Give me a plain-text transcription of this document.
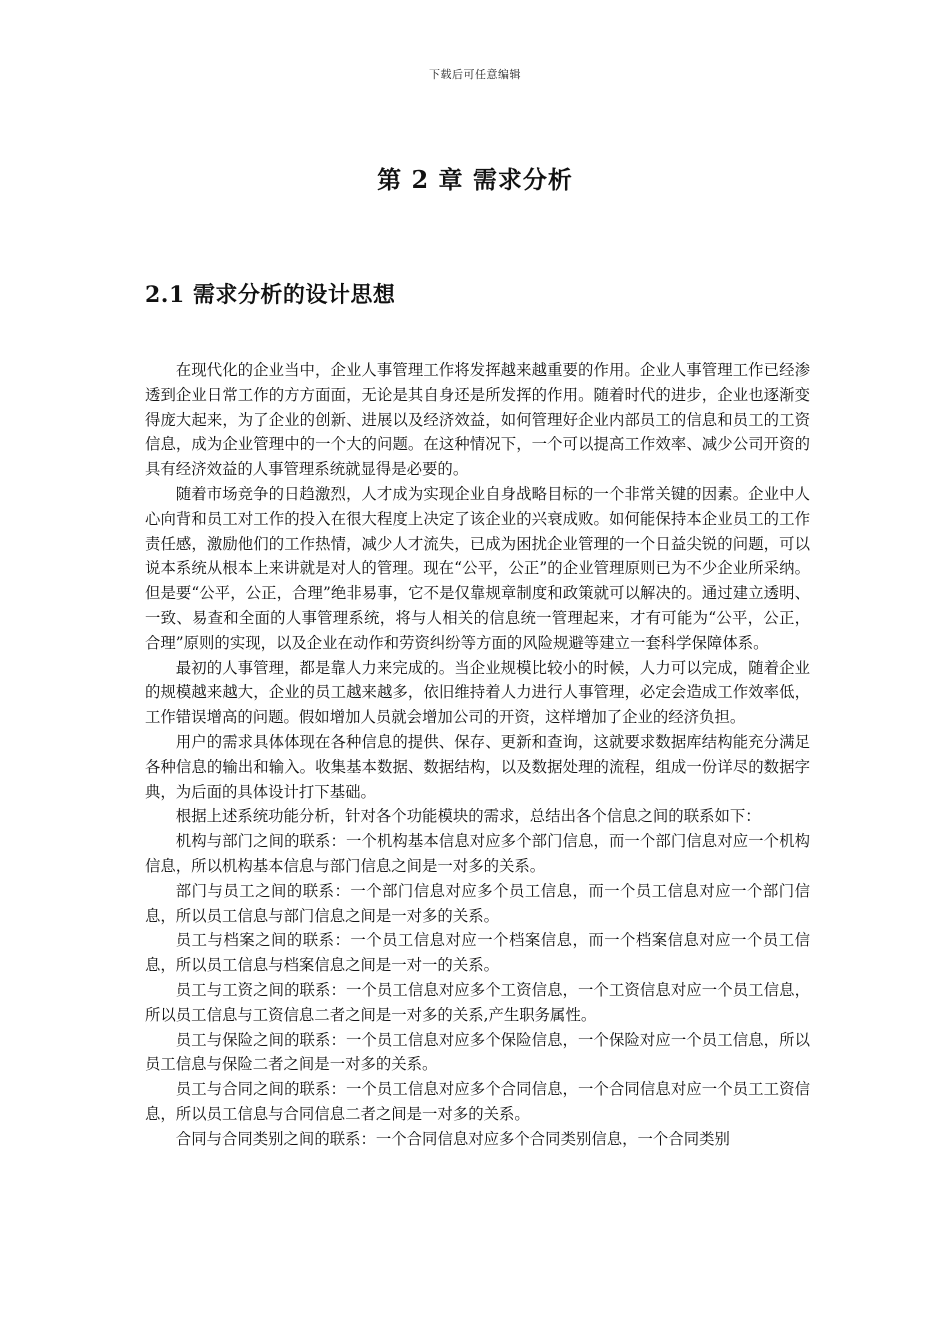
下载后可任意编辑
第 2 章 需求分析
2.1 需求分析的设计思想

在现代化的企业当中，企业人事管理工作将发挥越来越重要的作用。企业人事管理工作已经渗透到企业日常工作的方方面面，无论是其自身还是所发挥的作用。随着时代的进步，企业也逐渐变得庞大起来，为了企业的创新、进展以及经济效益，如何管理好企业内部员工的信息和员工的工资信息，成为企业管理中的一个大的问题。在这种情况下，一个可以提高工作效率、减少公司开资的具有经济效益的人事管理系统就显得是必要的。

随着市场竞争的日趋激烈，人才成为实现企业自身战略目标的一个非常关键的因素。企业中人心向背和员工对工作的投入在很大程度上决定了该企业的兴衰成败。如何能保持本企业员工的工作责任感，激励他们的工作热情，减少人才流失，已成为困扰企业管理的一个日益尖锐的问题，可以说本系统从根本上来讲就是对人的管理。现在“公平，公正”的企业管理原则已为不少企业所采纳。但是要“公平，公正，合理”绝非易事，它不是仅靠规章制度和政策就可以解决的。通过建立透明、一致、易查和全面的人事管理系统，将与人相关的信息统一管理起来，才有可能为“公平，公正，合理”原则的实现，以及企业在动作和劳资纠纷等方面的风险规避等建立一套科学保障体系。

最初的人事管理，都是靠人力来完成的。当企业规模比较小的时候，人力可以完成，随着企业的规模越来越大，企业的员工越来越多，依旧维持着人力进行人事管理，必定会造成工作效率低，工作错误增高的问题。假如增加人员就会增加公司的开资，这样增加了企业的经济负担。

用户的需求具体体现在各种信息的提供、保存、更新和查询，这就要求数据库结构能充分满足各种信息的输出和输入。收集基本数据、数据结构，以及数据处理的流程，组成一份详尽的数据字典，为后面的具体设计打下基础。

根据上述系统功能分析，针对各个功能模块的需求，总结出各个信息之间的联系如下：

机构与部门之间的联系：一个机构基本信息对应多个部门信息，而一个部门信息对应一个机构信息，所以机构基本信息与部门信息之间是一对多的关系。

部门与员工之间的联系：一个部门信息对应多个员工信息，而一个员工信息对应一个部门信息，所以员工信息与部门信息之间是一对多的关系。

员工与档案之间的联系：一个员工信息对应一个档案信息，而一个档案信息对应一个员工信息，所以员工信息与档案信息之间是一对一的关系。

员工与工资之间的联系：一个员工信息对应多个工资信息，一个工资信息对应一个员工信息，所以员工信息与工资信息二者之间是一对多的关系,产生职务属性。

员工与保险之间的联系：一个员工信息对应多个保险信息，一个保险对应一个员工信息，所以员工信息与保险二者之间是一对多的关系。

员工与合同之间的联系：一个员工信息对应多个合同信息，一个合同信息对应一个员工工资信息，所以员工信息与合同信息二者之间是一对多的关系。

合同与合同类别之间的联系：一个合同信息对应多个合同类别信息，一个合同类别
